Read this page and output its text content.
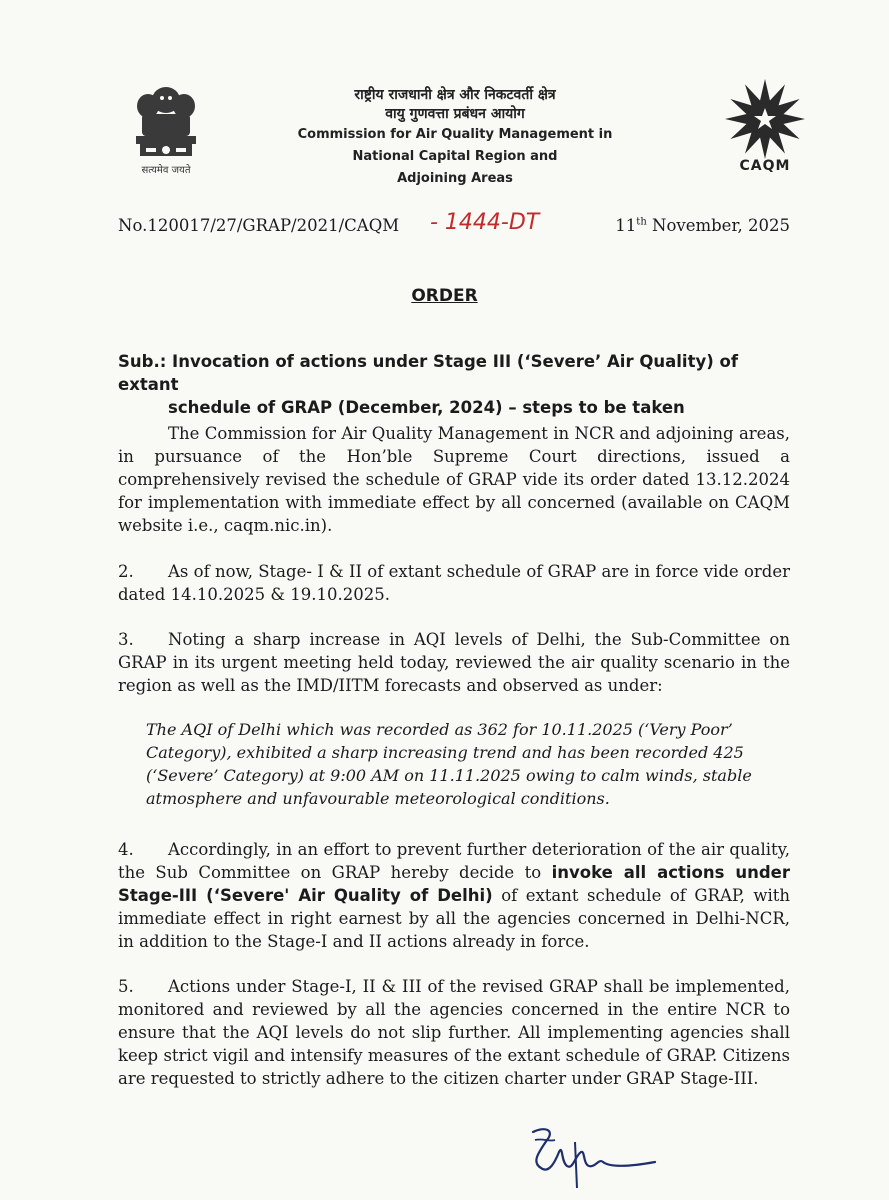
सत्यमेव जयते
राष्ट्रीय राजधानी क्षेत्र और निकटवर्ती क्षेत्र
वायु गुणवत्ता प्रबंधन आयोग
Commission for Air Quality Management in
National Capital Region and
Adjoining Areas
CAQM
No.120017/27/GRAP/2021/CAQM - 1444-DT	11th November, 2025
ORDER
Sub.: Invocation of actions under Stage III (‘Severe’ Air Quality) of extant
schedule of GRAP (December, 2024) – steps to be taken
The Commission for Air Quality Management in NCR and adjoining areas, in pursuance of the Hon’ble Supreme Court directions, issued a comprehensively revised the schedule of GRAP vide its order dated 13.12.2024 for implementation with immediate effect by all concerned (available on CAQM website i.e., caqm.nic.in).
2. As of now, Stage- I & II of extant schedule of GRAP are in force vide order dated 14.10.2025 & 19.10.2025.
3. Noting a sharp increase in AQI levels of Delhi, the Sub-Committee on GRAP in its urgent meeting held today, reviewed the air quality scenario in the region as well as the IMD/IITM forecasts and observed as under:
The AQI of Delhi which was recorded as 362 for 10.11.2025 (‘Very Poor’ Category), exhibited a sharp increasing trend and has been recorded 425 (‘Severe’ Category) at 9:00 AM on 11.11.2025 owing to calm winds, stable atmosphere and unfavourable meteorological conditions.
4. Accordingly, in an effort to prevent further deterioration of the air quality, the Sub Committee on GRAP hereby decide to invoke all actions under Stage-III (‘Severe' Air Quality of Delhi) of extant schedule of GRAP, with immediate effect in right earnest by all the agencies concerned in Delhi-NCR, in addition to the Stage-I and II actions already in force.
5. Actions under Stage-I, II & III of the revised GRAP shall be implemented, monitored and reviewed by all the agencies concerned in the entire NCR to ensure that the AQI levels do not slip further. All implementing agencies shall keep strict vigil and intensify measures of the extant schedule of GRAP. Citizens are requested to strictly adhere to the citizen charter under GRAP Stage-III.
